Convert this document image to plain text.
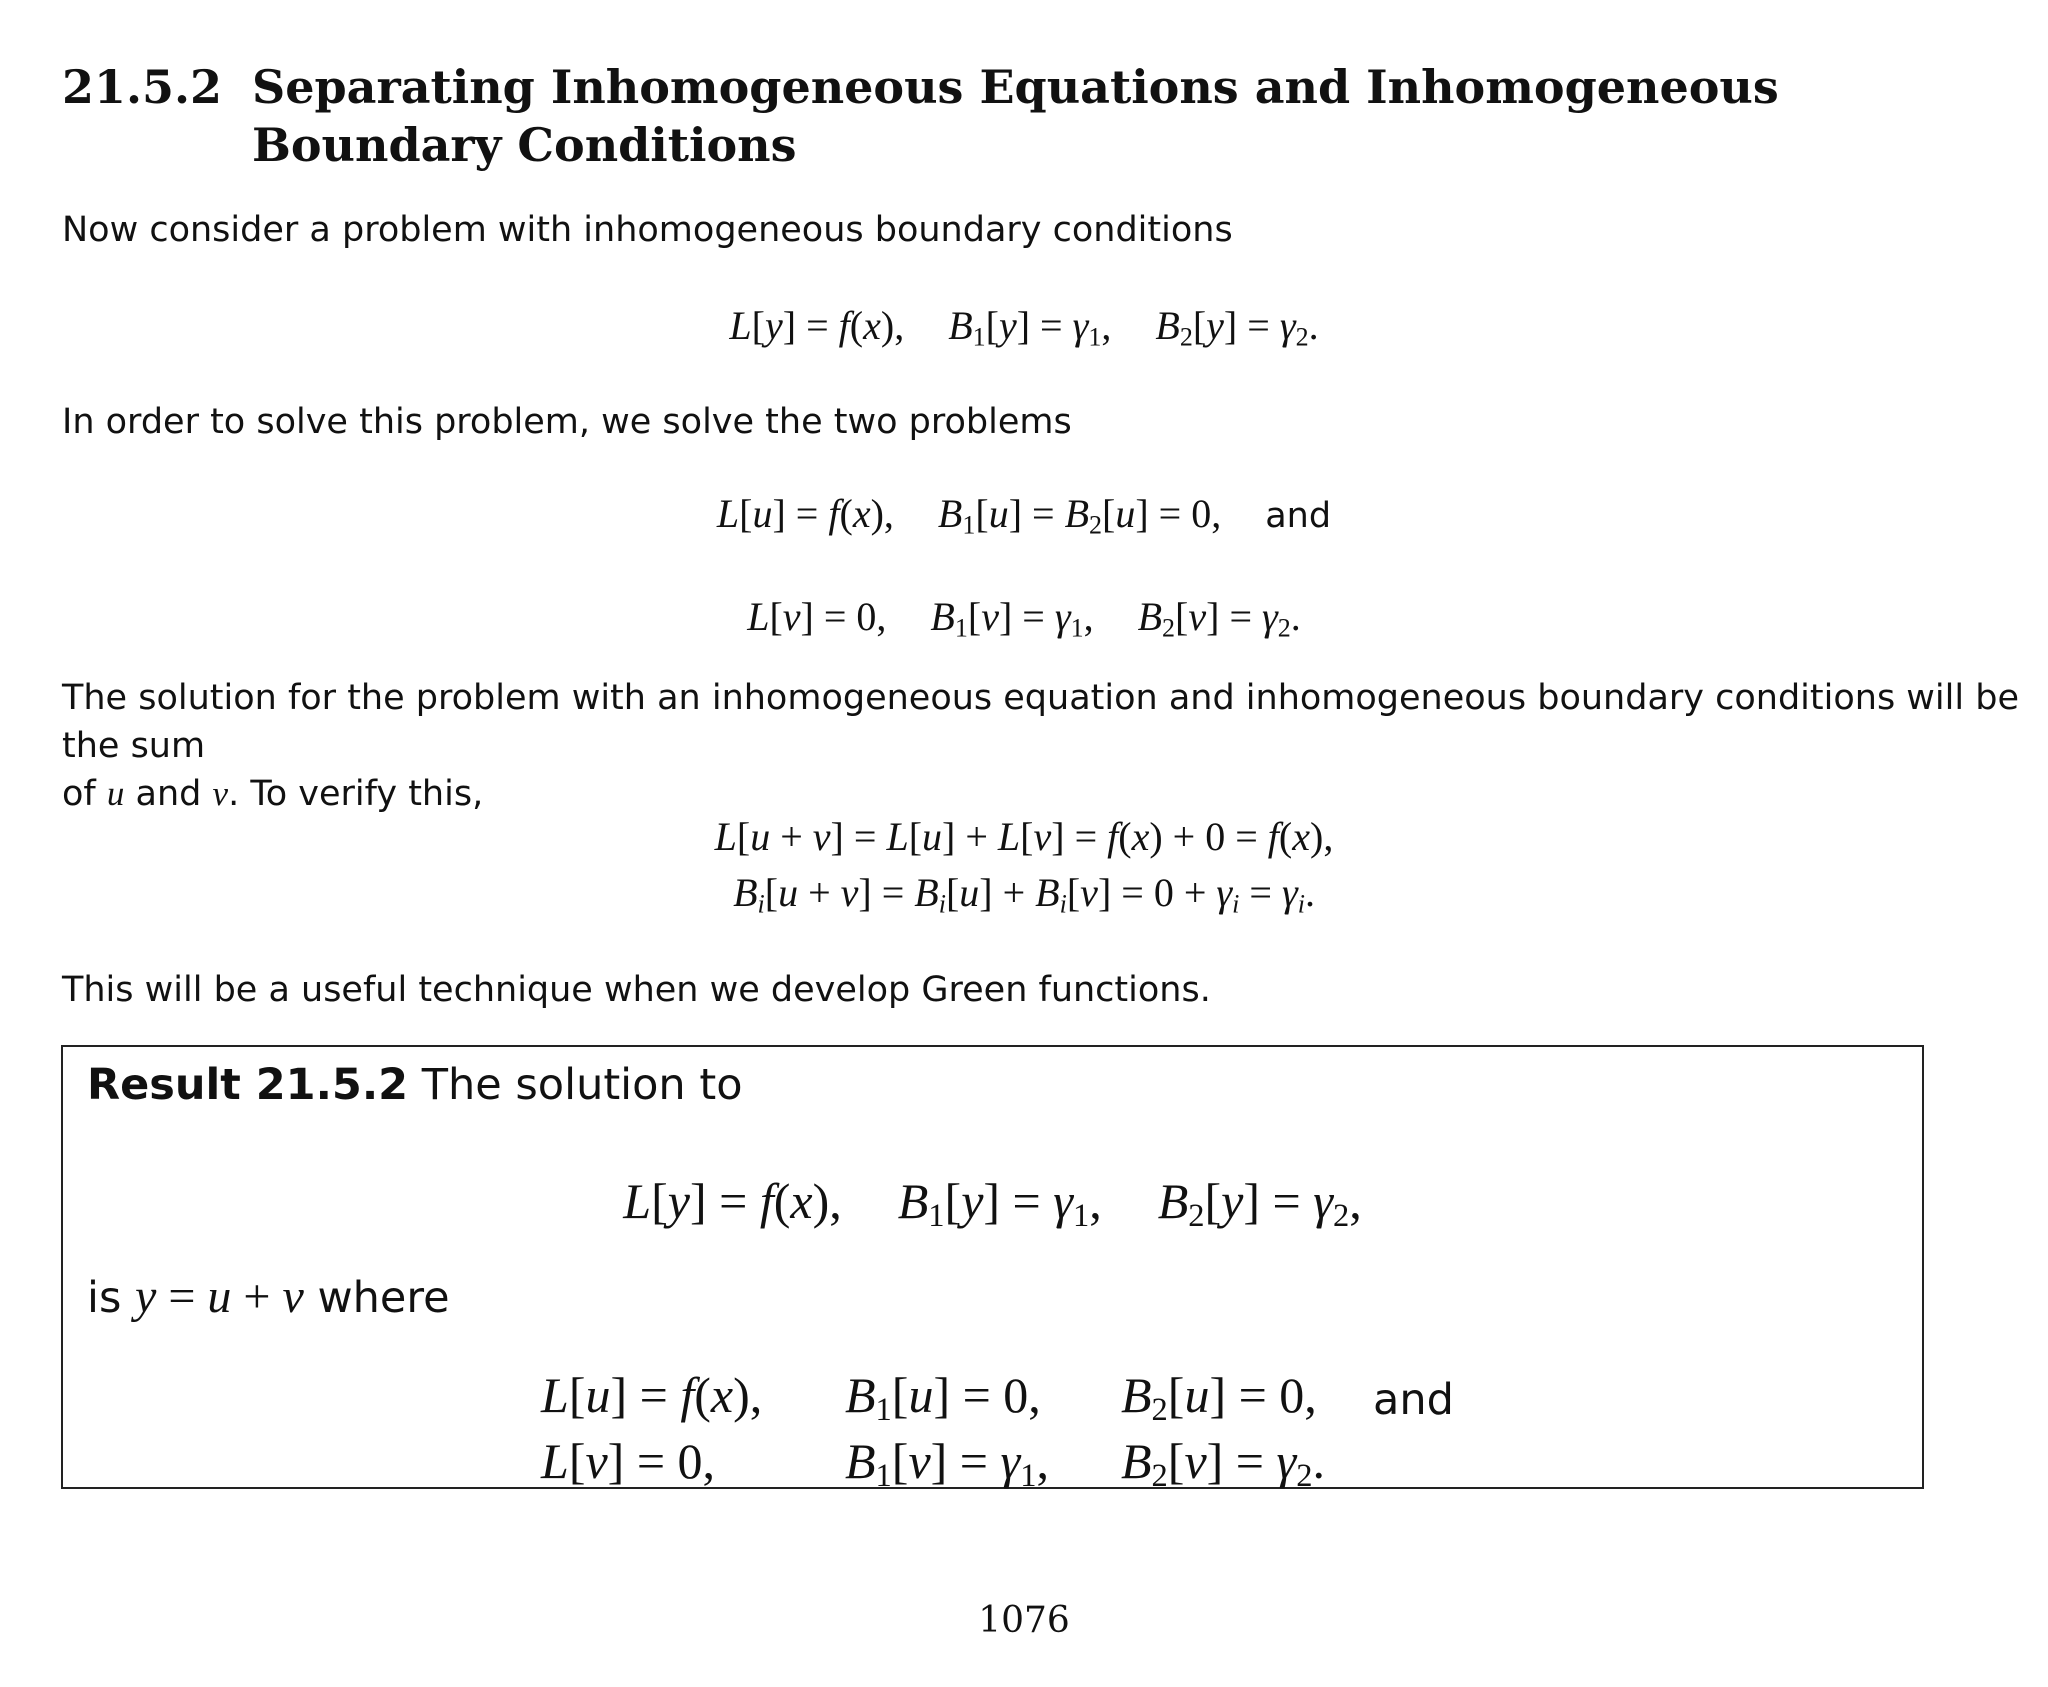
21.5.2 Separating Inhomogeneous Equations and Inhomogeneous Boundary Conditions
Now consider a problem with inhomogeneous boundary conditions
L[y] = f(x), $B_1[y] = \gamma_1$, $B_2[y] = \gamma_2$.
In order to solve this problem, we solve the two problems
L[u] = f(x), $B_1[u] = B_2[u] = 0$, and
L[v] = 0, $B_1[v] = \gamma_1$, $B_2[v] = \gamma_2$.
The solution for the problem with an inhomogeneous equation and inhomogeneous boundary conditions will be the sum
of u and v. To verify this,
L[u + v] = L[u] + L[v] = f(x) + 0 = f(x),
$B_i[u + v] = B_i[u] + B_i[v] = 0 + \gamma_i = \gamma_i$.
This will be a useful technique when we develop Green functions.
Result 21.5.2 The solution to
L[y] = f(x), $B_1[y] = \gamma_1$, $B_2[y] = \gamma_2$,
is y = u + v where
L[u] = f(x), $B_1[u] = 0$, $B_2[u] = 0$, and
L[v] = 0,	$B_1[v] = \gamma_1$, $B_2[v] = \gamma_2$.
1076
